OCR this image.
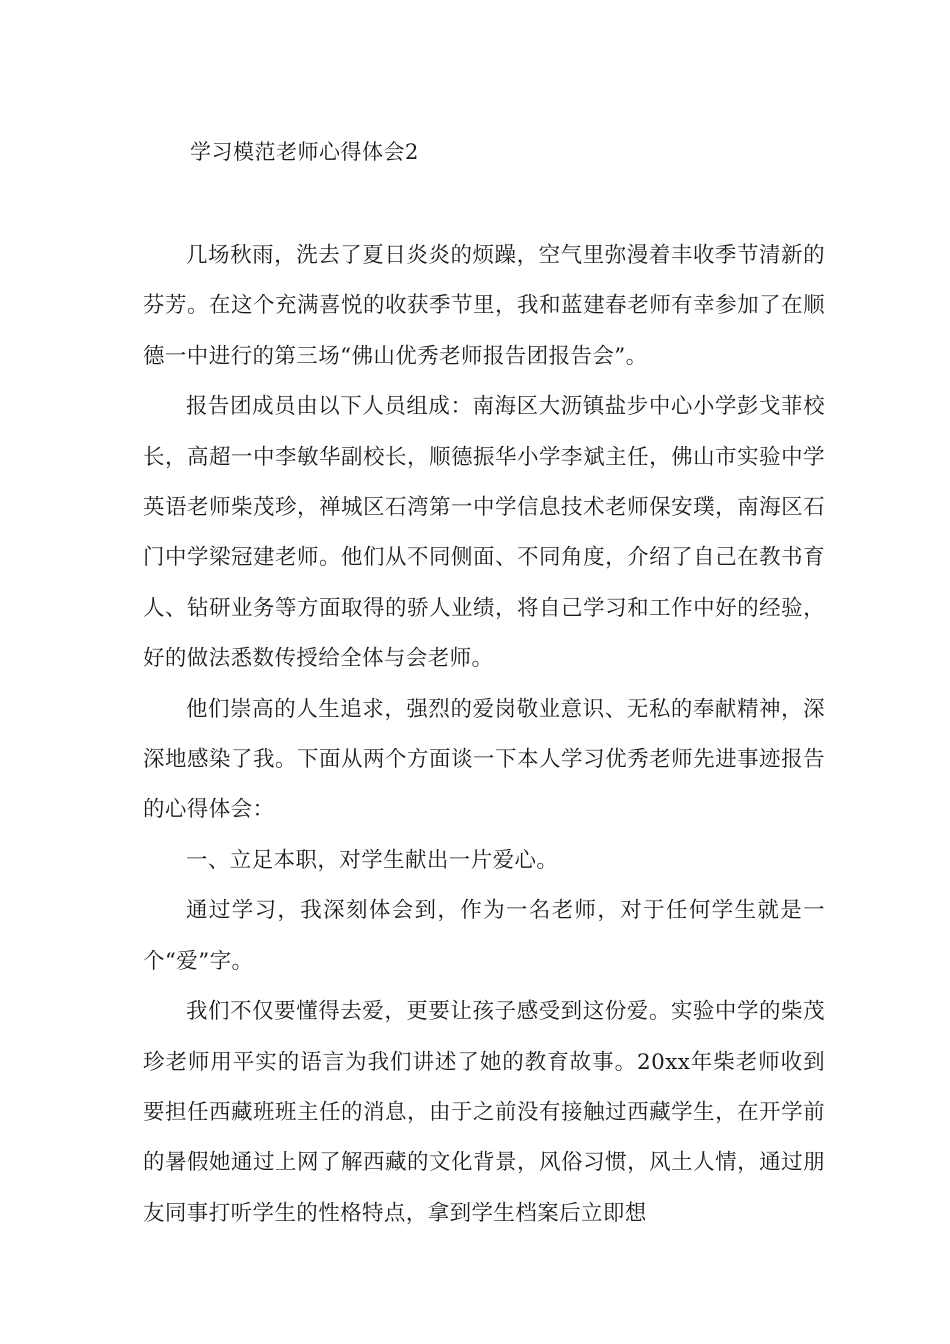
学习模范老师心得体会2

几场秋雨，洗去了夏日炎炎的烦躁，空气里弥漫着丰收季节清新的芬芳。在这个充满喜悦的收获季节里，我和蓝建春老师有幸参加了在顺德一中进行的第三场“佛山优秀老师报告团报告会”。

报告团成员由以下人员组成：南海区大沥镇盐步中心小学彭戈菲校长，高超一中李敏华副校长，顺德振华小学李斌主任，佛山市实验中学英语老师柴茂珍，禅城区石湾第一中学信息技术老师保安璞，南海区石门中学梁冠建老师。他们从不同侧面、不同角度，介绍了自己在教书育人、钻研业务等方面取得的骄人业绩，将自己学习和工作中好的经验，好的做法悉数传授给全体与会老师。

他们崇高的人生追求，强烈的爱岗敬业意识、无私的奉献精神，深深地感染了我。下面从两个方面谈一下本人学习优秀老师先进事迹报告的心得体会：

一、立足本职，对学生献出一片爱心。

通过学习，我深刻体会到，作为一名老师，对于任何学生就是一个“爱”字。

我们不仅要懂得去爱，更要让孩子感受到这份爱。实验中学的柴茂珍老师用平实的语言为我们讲述了她的教育故事。20xx年柴老师收到要担任西藏班班主任的消息，由于之前没有接触过西藏学生，在开学前的暑假她通过上网了解西藏的文化背景，风俗习惯，风土人情，通过朋友同事打听学生的性格特点，拿到学生档案后立即想
